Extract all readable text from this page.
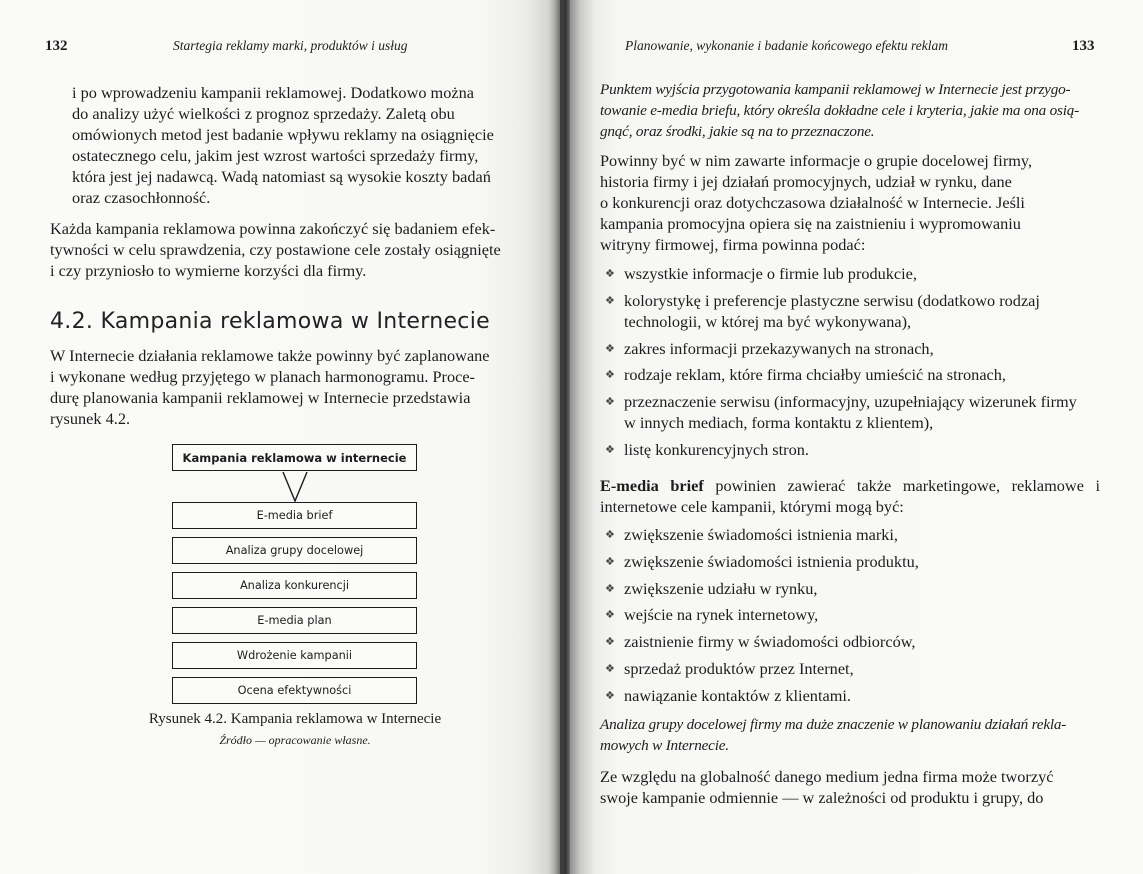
132	Startegia reklamy marki, produktów i usług

i po wprowadzeniu kampanii reklamowej. Dodatkowo można

do analizy użyć wielkości z prognoz sprzedaży. Zaletą obu

omówionych metod jest badanie wpływu reklamy na osiągnięcie

ostatecznego celu, jakim jest wzrost wartości sprzedaży firmy,

która jest jej nadawcą. Wadą natomiast są wysokie koszty badań

oraz czasochłonność.

Każda kampania reklamowa powinna zakończyć się badaniem efek-

tywności w celu sprawdzenia, czy postawione cele zostały osiągnięte

i czy przyniosło to wymierne korzyści dla firmy.

4.2. Kampania reklamowa w Internecie

W Internecie działania reklamowe także powinny być zaplanowane

i wykonane według przyjętego w planach harmonogramu. Proce-

durę planowania kampanii reklamowej w Internecie przedstawia

rysunek 4.2.

Kampania reklamowa w internecie
E-media brief
Analiza grupy docelowej
Analiza konkurencji
E-media plan
Wdrożenie kampanii
Ocena efektywności
Rysunek 4.2. Kampania reklamowa w Internecie
Źródło — opracowanie własne.
Planowanie, wykonanie i badanie końcowego efektu reklam	133
Punktem wyjścia przygotowania kampanii reklamowej w Internecie jest przygo-
towanie e-media briefu, który określa dokładne cele i kryteria, jakie ma ona osią-
gnąć, oraz środki, jakie są na to przeznaczone.

Powinny być w nim zawarte informacje o grupie docelowej firmy,

historia firmy i jej działań promocyjnych, udział w rynku, dane

o konkurencji oraz dotychczasowa działalność w Internecie. Jeśli

kampania promocyjna opiera się na zaistnieniu i wypromowaniu

witryny firmowej, firma powinna podać:

❖ wszystkie informacje o firmie lub produkcie,
❖ kolorystykę i preferencje plastyczne serwisu (dodatkowo rodzaj technologii, w której ma być wykonywana),
❖ zakres informacji przekazywanych na stronach,
❖ rodzaje reklam, które firma chciałby umieścić na stronach,
❖ przeznaczenie serwisu (informacyjny, uzupełniający wizerunek firmy w innych mediach, forma kontaktu z klientem),
❖ listę konkurencyjnych stron.
E-media brief powinien zawierać także marketingowe, reklamowe i internetowe cele kampanii, którymi mogą być:
❖ zwiększenie świadomości istnienia marki,
❖ zwiększenie świadomości istnienia produktu,
❖ zwiększenie udziału w rynku,
❖ wejście na rynek internetowy,
❖ zaistnienie firmy w świadomości odbiorców,
❖ sprzedaż produktów przez Internet,
❖ nawiązanie kontaktów z klientami.
Analiza grupy docelowej firmy ma duże znaczenie w planowaniu działań rekla-
mowych w Internecie.

Ze względu na globalność danego medium jedna firma może tworzyć

swoje kampanie odmiennie — w zależności od produktu i grupy, do
